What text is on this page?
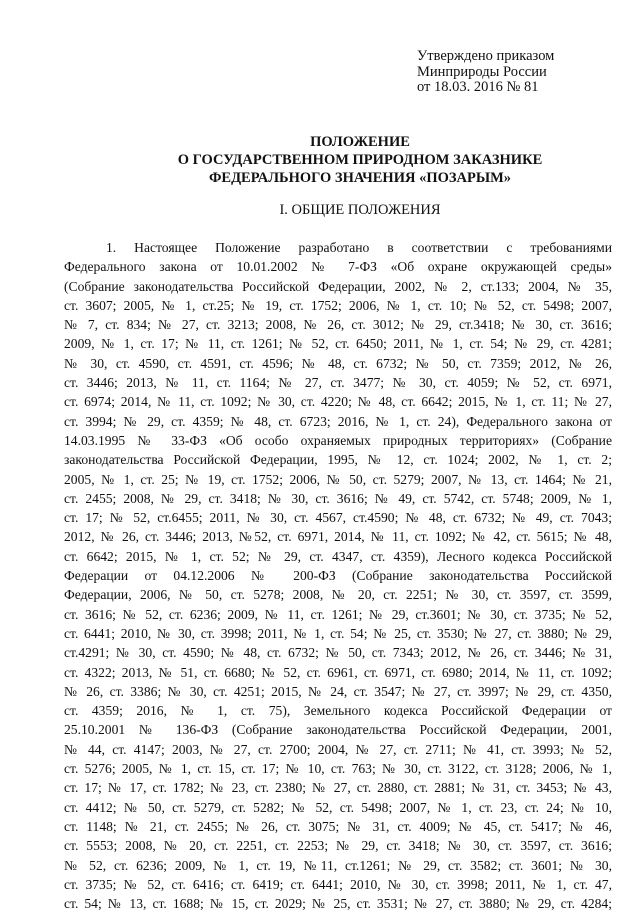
Утверждено приказом
Минприроды России
от 18.03. 2016 № 81
ПОЛОЖЕНИЕ
О ГОСУДАРСТВЕННОМ ПРИРОДНОМ ЗАКАЗНИКЕ
ФЕДЕРАЛЬНОГО ЗНАЧЕНИЯ «ПОЗАРЫМ»
I. ОБЩИЕ ПОЛОЖЕНИЯ
1. Настоящее Положение разработано в соответствии с требованиями
Федерального закона от 10.01.2002 № 7-ФЗ «Об охране окружающей среды»
(Собрание законодательства Российской Федерации, 2002, № 2, ст.133; 2004, № 35,
ст. 3607; 2005, № 1, ст.25; № 19, ст. 1752; 2006, № 1, ст. 10; № 52, ст. 5498; 2007,
№ 7, ст. 834; № 27, ст. 3213; 2008, № 26, ст. 3012; № 29, ст.3418; № 30, ст. 3616;
2009, № 1, ст. 17; № 11, ст. 1261; № 52, ст. 6450; 2011, № 1, ст. 54; № 29, ст. 4281;
№ 30, ст. 4590, ст. 4591, ст. 4596; № 48, ст. 6732; № 50, ст. 7359; 2012, № 26,
ст. 3446; 2013, № 11, ст. 1164; № 27, ст. 3477; № 30, ст. 4059; № 52, ст. 6971,
ст. 6974; 2014, № 11, ст. 1092; № 30, ст. 4220; № 48, ст. 6642; 2015, № 1, ст. 11; № 27,
ст. 3994; № 29, ст. 4359; № 48, ст. 6723; 2016, № 1, ст. 24), Федерального закона от
14.03.1995 № 33-ФЗ «Об особо охраняемых природных территориях» (Собрание
законодательства Российской Федерации, 1995, № 12, ст. 1024; 2002, № 1, ст. 2;
2005, № 1, ст. 25; № 19, ст. 1752; 2006, № 50, ст. 5279; 2007, № 13, ст. 1464; № 21,
ст. 2455; 2008, № 29, ст. 3418; № 30, ст. 3616; № 49, ст. 5742, ст. 5748; 2009, № 1,
ст. 17; № 52, ст.6455; 2011, № 30, ст. 4567, ст.4590; № 48, ст. 6732; № 49, ст. 7043;
2012, № 26, ст. 3446; 2013, №52, ст. 6971, 2014, № 11, ст. 1092; № 42, ст. 5615; № 48,
ст. 6642; 2015, № 1, ст. 52; № 29, ст. 4347, ст. 4359), Лесного кодекса Российской
Федерации от 04.12.2006 № 200-ФЗ (Собрание законодательства Российской
Федерации, 2006, № 50, ст. 5278; 2008, № 20, ст. 2251; № 30, ст. 3597, ст. 3599,
ст. 3616; № 52, ст. 6236; 2009, № 11, ст. 1261; № 29, ст.3601; № 30, ст. 3735; № 52,
ст. 6441; 2010, № 30, ст. 3998; 2011, № 1, ст. 54; № 25, ст. 3530; № 27, ст. 3880; № 29,
ст.4291; № 30, ст. 4590; № 48, ст. 6732; № 50, ст. 7343; 2012, № 26, ст. 3446; № 31,
ст. 4322; 2013, № 51, ст. 6680; № 52, ст. 6961, ст. 6971, ст. 6980; 2014, № 11, ст. 1092;
№ 26, ст. 3386; № 30, ст. 4251; 2015, № 24, ст. 3547; № 27, ст. 3997; № 29, ст. 4350,
ст. 4359; 2016, № 1, ст. 75), Земельного кодекса Российской Федерации от
25.10.2001 № 136-ФЗ (Собрание законодательства Российской Федерации, 2001,
№ 44, ст. 4147; 2003, № 27, ст. 2700; 2004, № 27, ст. 2711; № 41, ст. 3993; № 52,
ст. 5276; 2005, № 1, ст. 15, ст. 17; № 10, ст. 763; № 30, ст. 3122, ст. 3128; 2006, № 1,
ст. 17; № 17, ст. 1782; № 23, ст. 2380; № 27, ст. 2880, ст. 2881; № 31, ст. 3453; № 43,
ст. 4412; № 50, ст. 5279, ст. 5282; № 52, ст. 5498; 2007, № 1, ст. 23, ст. 24; № 10,
ст. 1148; № 21, ст. 2455; № 26, ст. 3075; № 31, ст. 4009; № 45, ст. 5417; № 46,
ст. 5553; 2008, № 20, ст. 2251, ст. 2253; № 29, ст. 3418; № 30, ст. 3597, ст. 3616;
№ 52, ст. 6236; 2009, № 1, ст. 19, №11, ст.1261; № 29, ст. 3582; ст. 3601; № 30,
ст. 3735; № 52, ст. 6416; ст. 6419; ст. 6441; 2010, № 30, ст. 3998; 2011, № 1, ст. 47,
ст. 54; № 13, ст. 1688; № 15, ст. 2029; № 25, ст. 3531; № 27, ст. 3880; № 29, ст. 4284;
